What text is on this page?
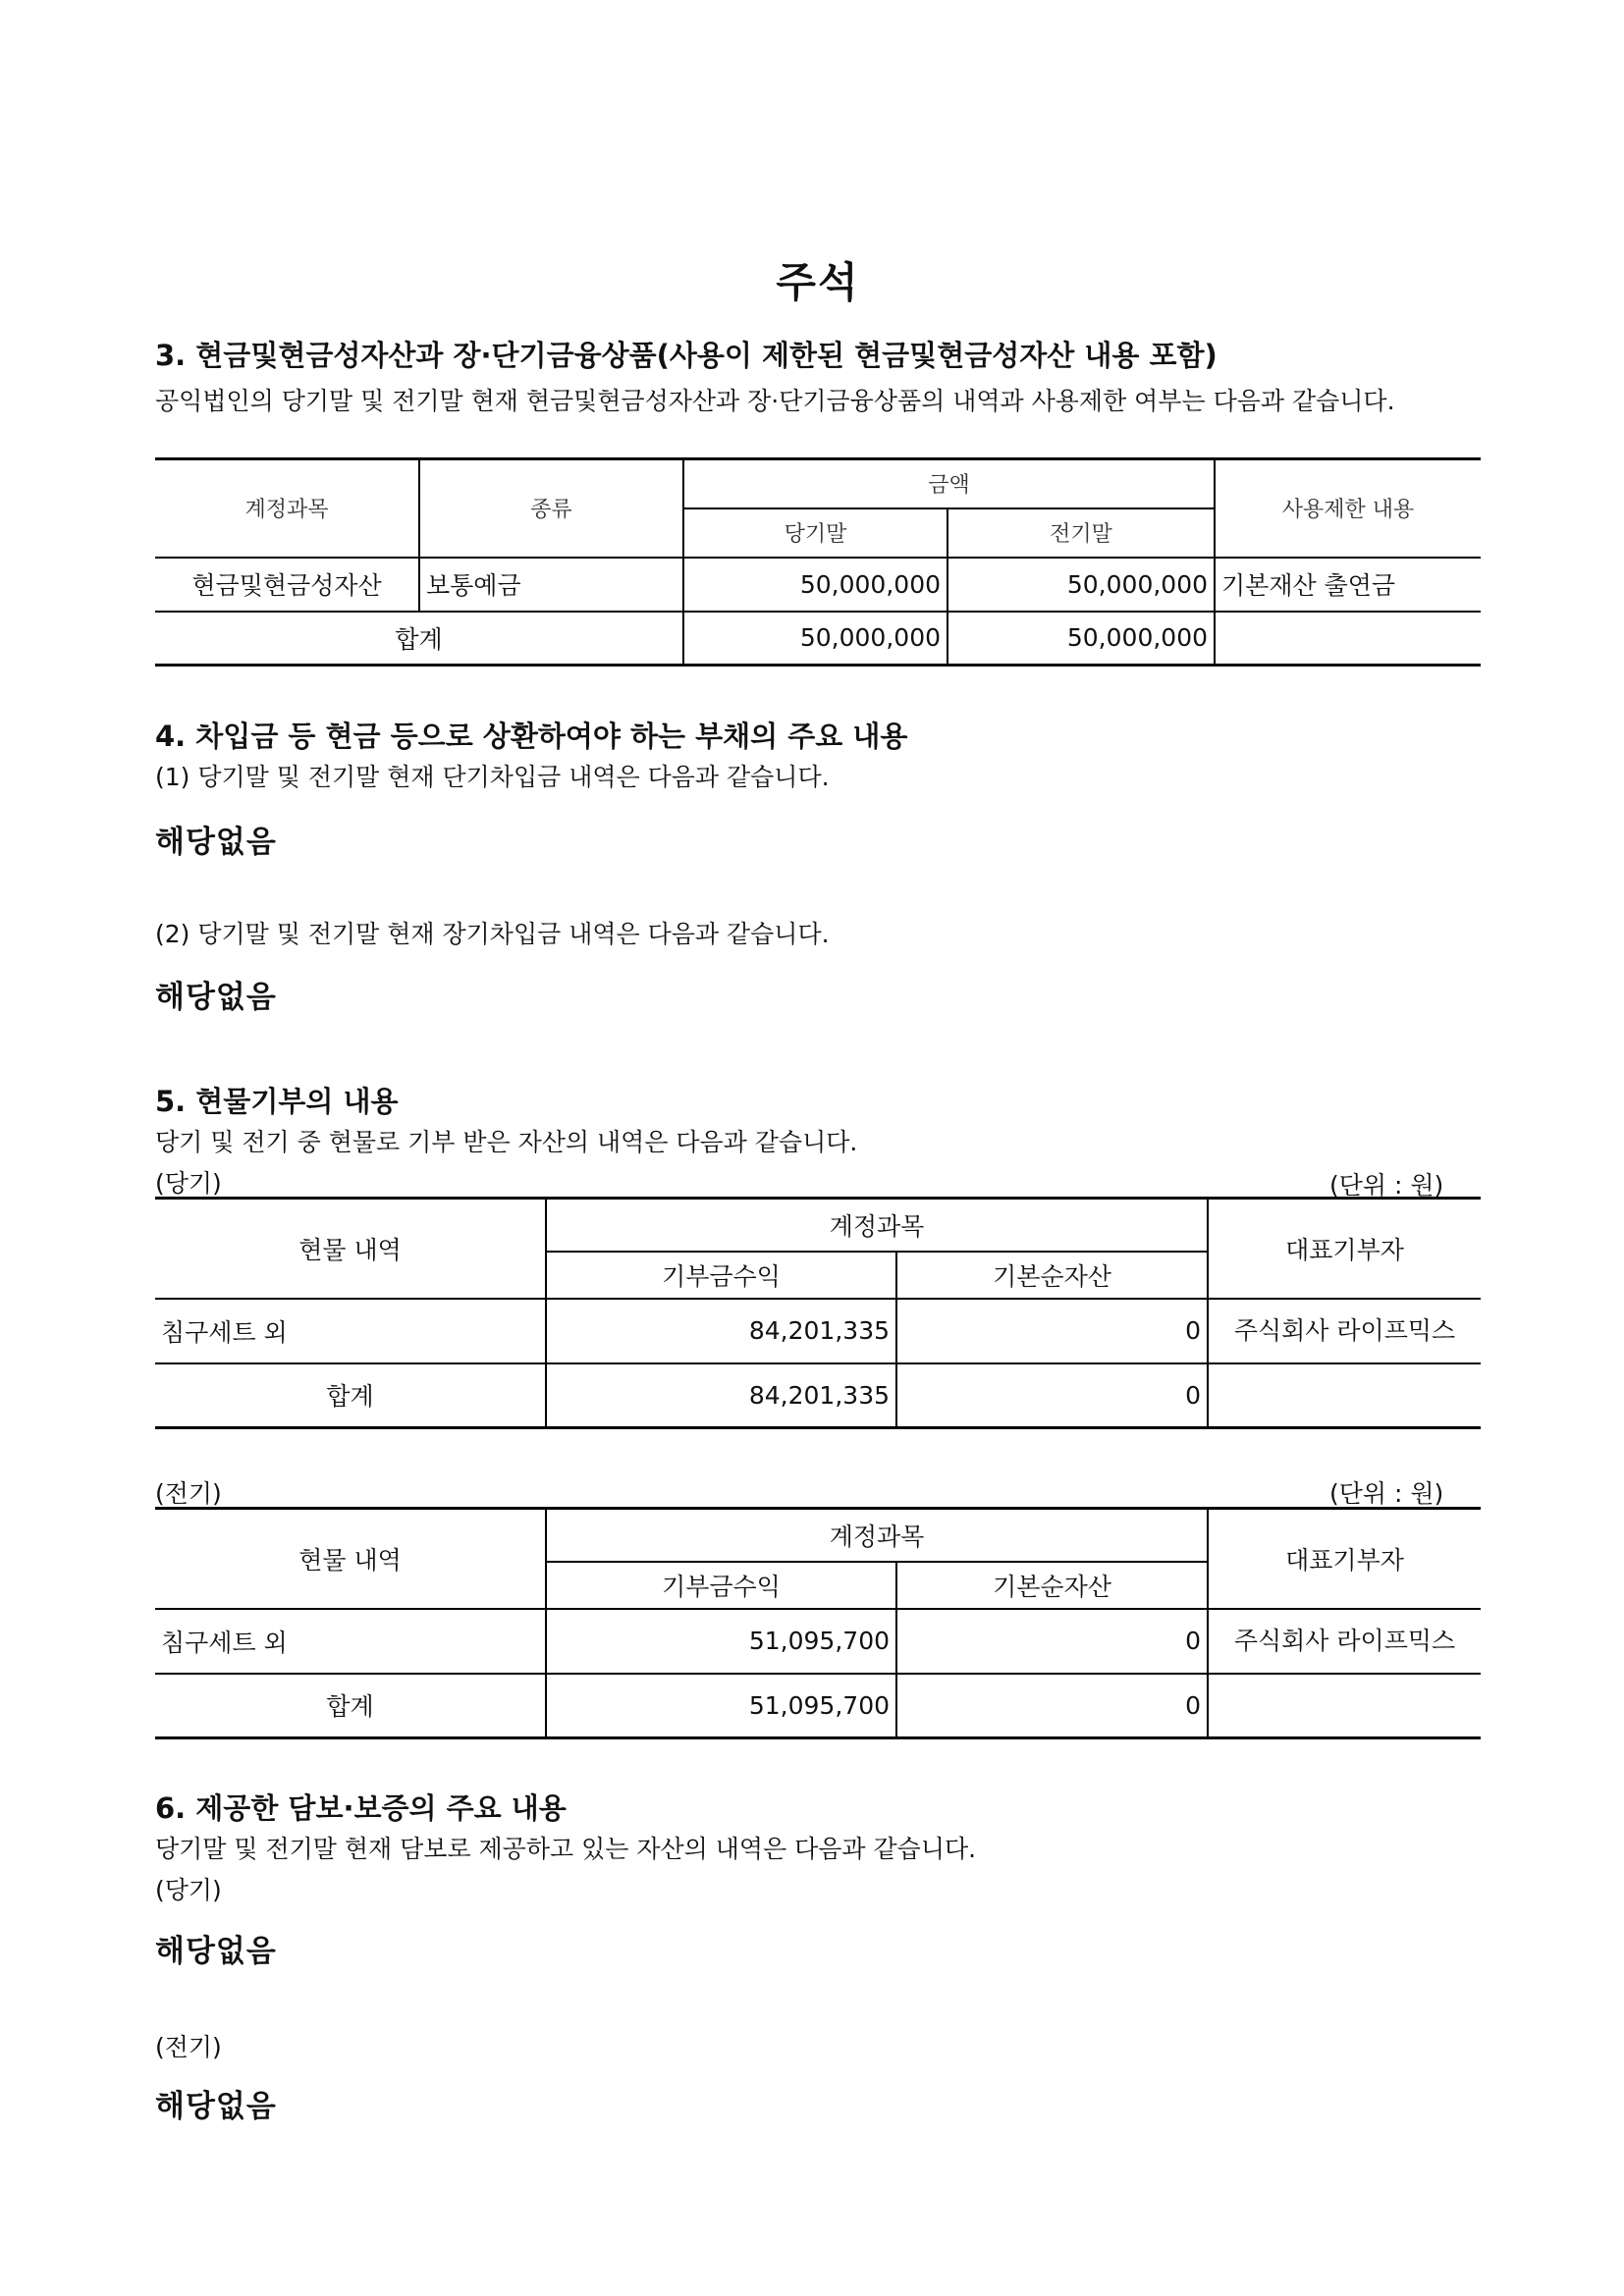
주석
3. 현금및현금성자산과 장·단기금융상품(사용이 제한된 현금및현금성자산 내용 포함)
공익법인의 당기말 및 전기말 현재 현금및현금성자산과 장·단기금융상품의 내역과 사용제한 여부는 다음과 같습니다.
계정과목	종류	금액		사용제한 내용
		당기말	전기말	
현금및현금성자산	보통예금	50,000,000	50,000,000	기본재산 출연금
합계		50,000,000	50,000,000	
4. 차입금 등 현금 등으로 상환하여야 하는 부채의 주요 내용
(1) 당기말 및 전기말 현재 단기차입금 내역은 다음과 같습니다.
해당없음
(2) 당기말 및 전기말 현재 장기차입금 내역은 다음과 같습니다.
해당없음
5. 현물기부의 내용
당기 및 전기 중 현물로 기부 받은 자산의 내역은 다음과 같습니다.
(당기)	(단위 : 원)
현물 내역	계정과목		대표기부자
	기부금수익	기본순자산	
침구세트 외	84,201,335	0	주식회사 라이프믹스
합계	84,201,335	0	
(전기)	(단위 : 원)
현물 내역	계정과목		대표기부자
	기부금수익	기본순자산	
침구세트 외	51,095,700	0	주식회사 라이프믹스
합계	51,095,700	0	
6. 제공한 담보·보증의 주요 내용
당기말 및 전기말 현재 담보로 제공하고 있는 자산의 내역은 다음과 같습니다.
(당기)
해당없음
(전기)
해당없음
